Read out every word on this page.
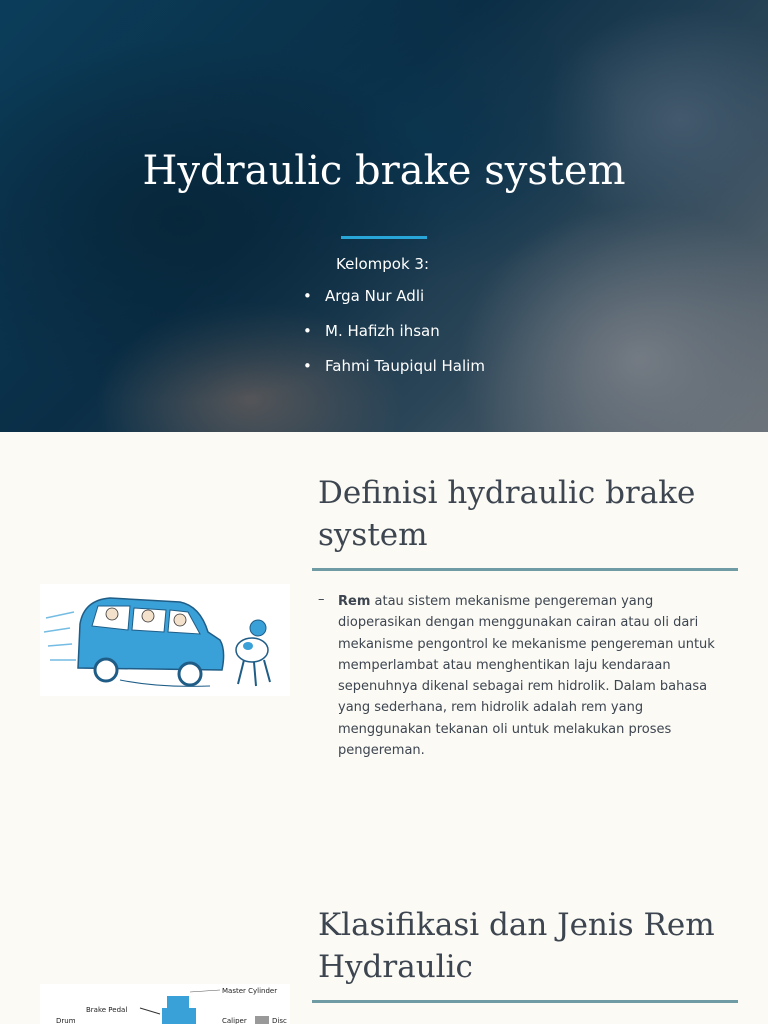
Hydraulic brake system
Kelompok 3:
• Arga Nur Adli
• M. Hafizh ihsan
• Fahmi Taupiqul Halim
Definisi hydraulic brake system
– Rem atau sistem mekanisme pengereman yang dioperasikan dengan menggunakan cairan atau oli dari mekanisme pengontrol ke mekanisme pengereman untuk memperlambat atau menghentikan laju kendaraan sepenuhnya dikenal sebagai rem hidrolik. Dalam bahasa yang sederhana, rem hidrolik adalah rem yang menggunakan tekanan oli untuk melakukan proses pengereman.

Klasifikasi dan Jenis Rem Hydraulic
Master Cylinder
Brake Pedal
Drum	Caliper	Disc
